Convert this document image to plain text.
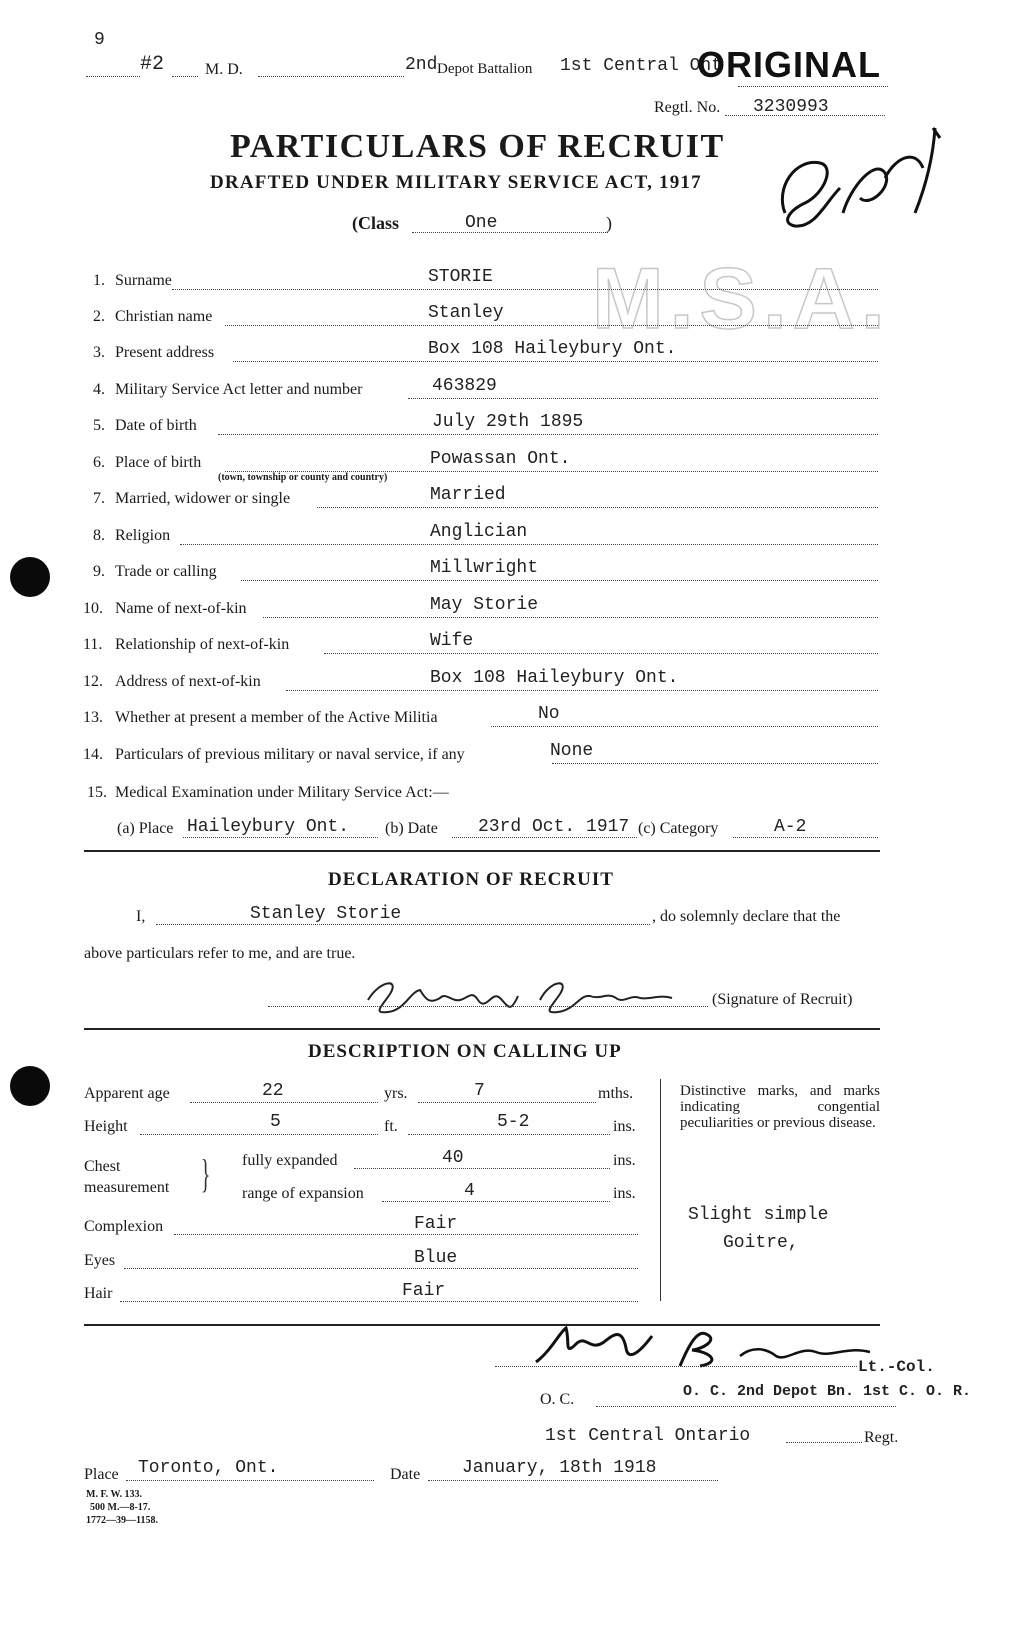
9
#2	M. D.	2nd Depot Battalion 1st Central Ont
ORIGINAL
Regtl. No. 3230993
PARTICULARS OF RECRUIT
DRAFTED UNDER MILITARY SERVICE ACT, 1917
(Class	One	)
M.S.A.
1. Surname	STORIE
2. Christian name	Stanley
3. Present address	Box 108 Haileybury Ont.
4. Military Service Act letter and number	463829
5. Date of birth	July 29th 1895
6. Place of birth	Powassan Ont.
7. Married, widower or single	Married
8. Religion	Anglician
9. Trade or calling	Millwright
10. Name of next-of-kin	May Storie
11. Relationship of next-of-kin	Wife
12. Address of next-of-kin	Box 108 Haileybury Ont.
13. Whether at present a member of the Active Militia	No
14. Particulars of previous military or naval service, if any	None
(town, township or county and country)
15. Medical Examination under Military Service Act:—
(a) Place Haileybury Ont. (b) Date 23rd Oct. 1917 (c) Category	A-2
DECLARATION OF RECRUIT
I,	Stanley Storie	, do solemnly declare that the
above particulars refer to me, and are true.
(Signature of Recruit)
DESCRIPTION ON CALLING UP
Apparent age	22	yrs.	7	mths.
Height	5	ft.	5-2	ins.
Chest
measurement } fully expanded	40	ins.
range of expansion	4	ins.
Complexion	Fair
Eyes	Blue
Hair	Fair
Distinctive marks, and marks indicating congential peculiarities or previous disease.
Slight simple
Goitre,
Lt.-Col.
O. C.	O. C. 2nd Depot Bn. 1st C. O. R.
1st Central Ontario	Regt.
Place Toronto, Ont.	Date January, 18th 1918
M. F. W. 133.
500 M.—8-17.
1772—39—1158.
